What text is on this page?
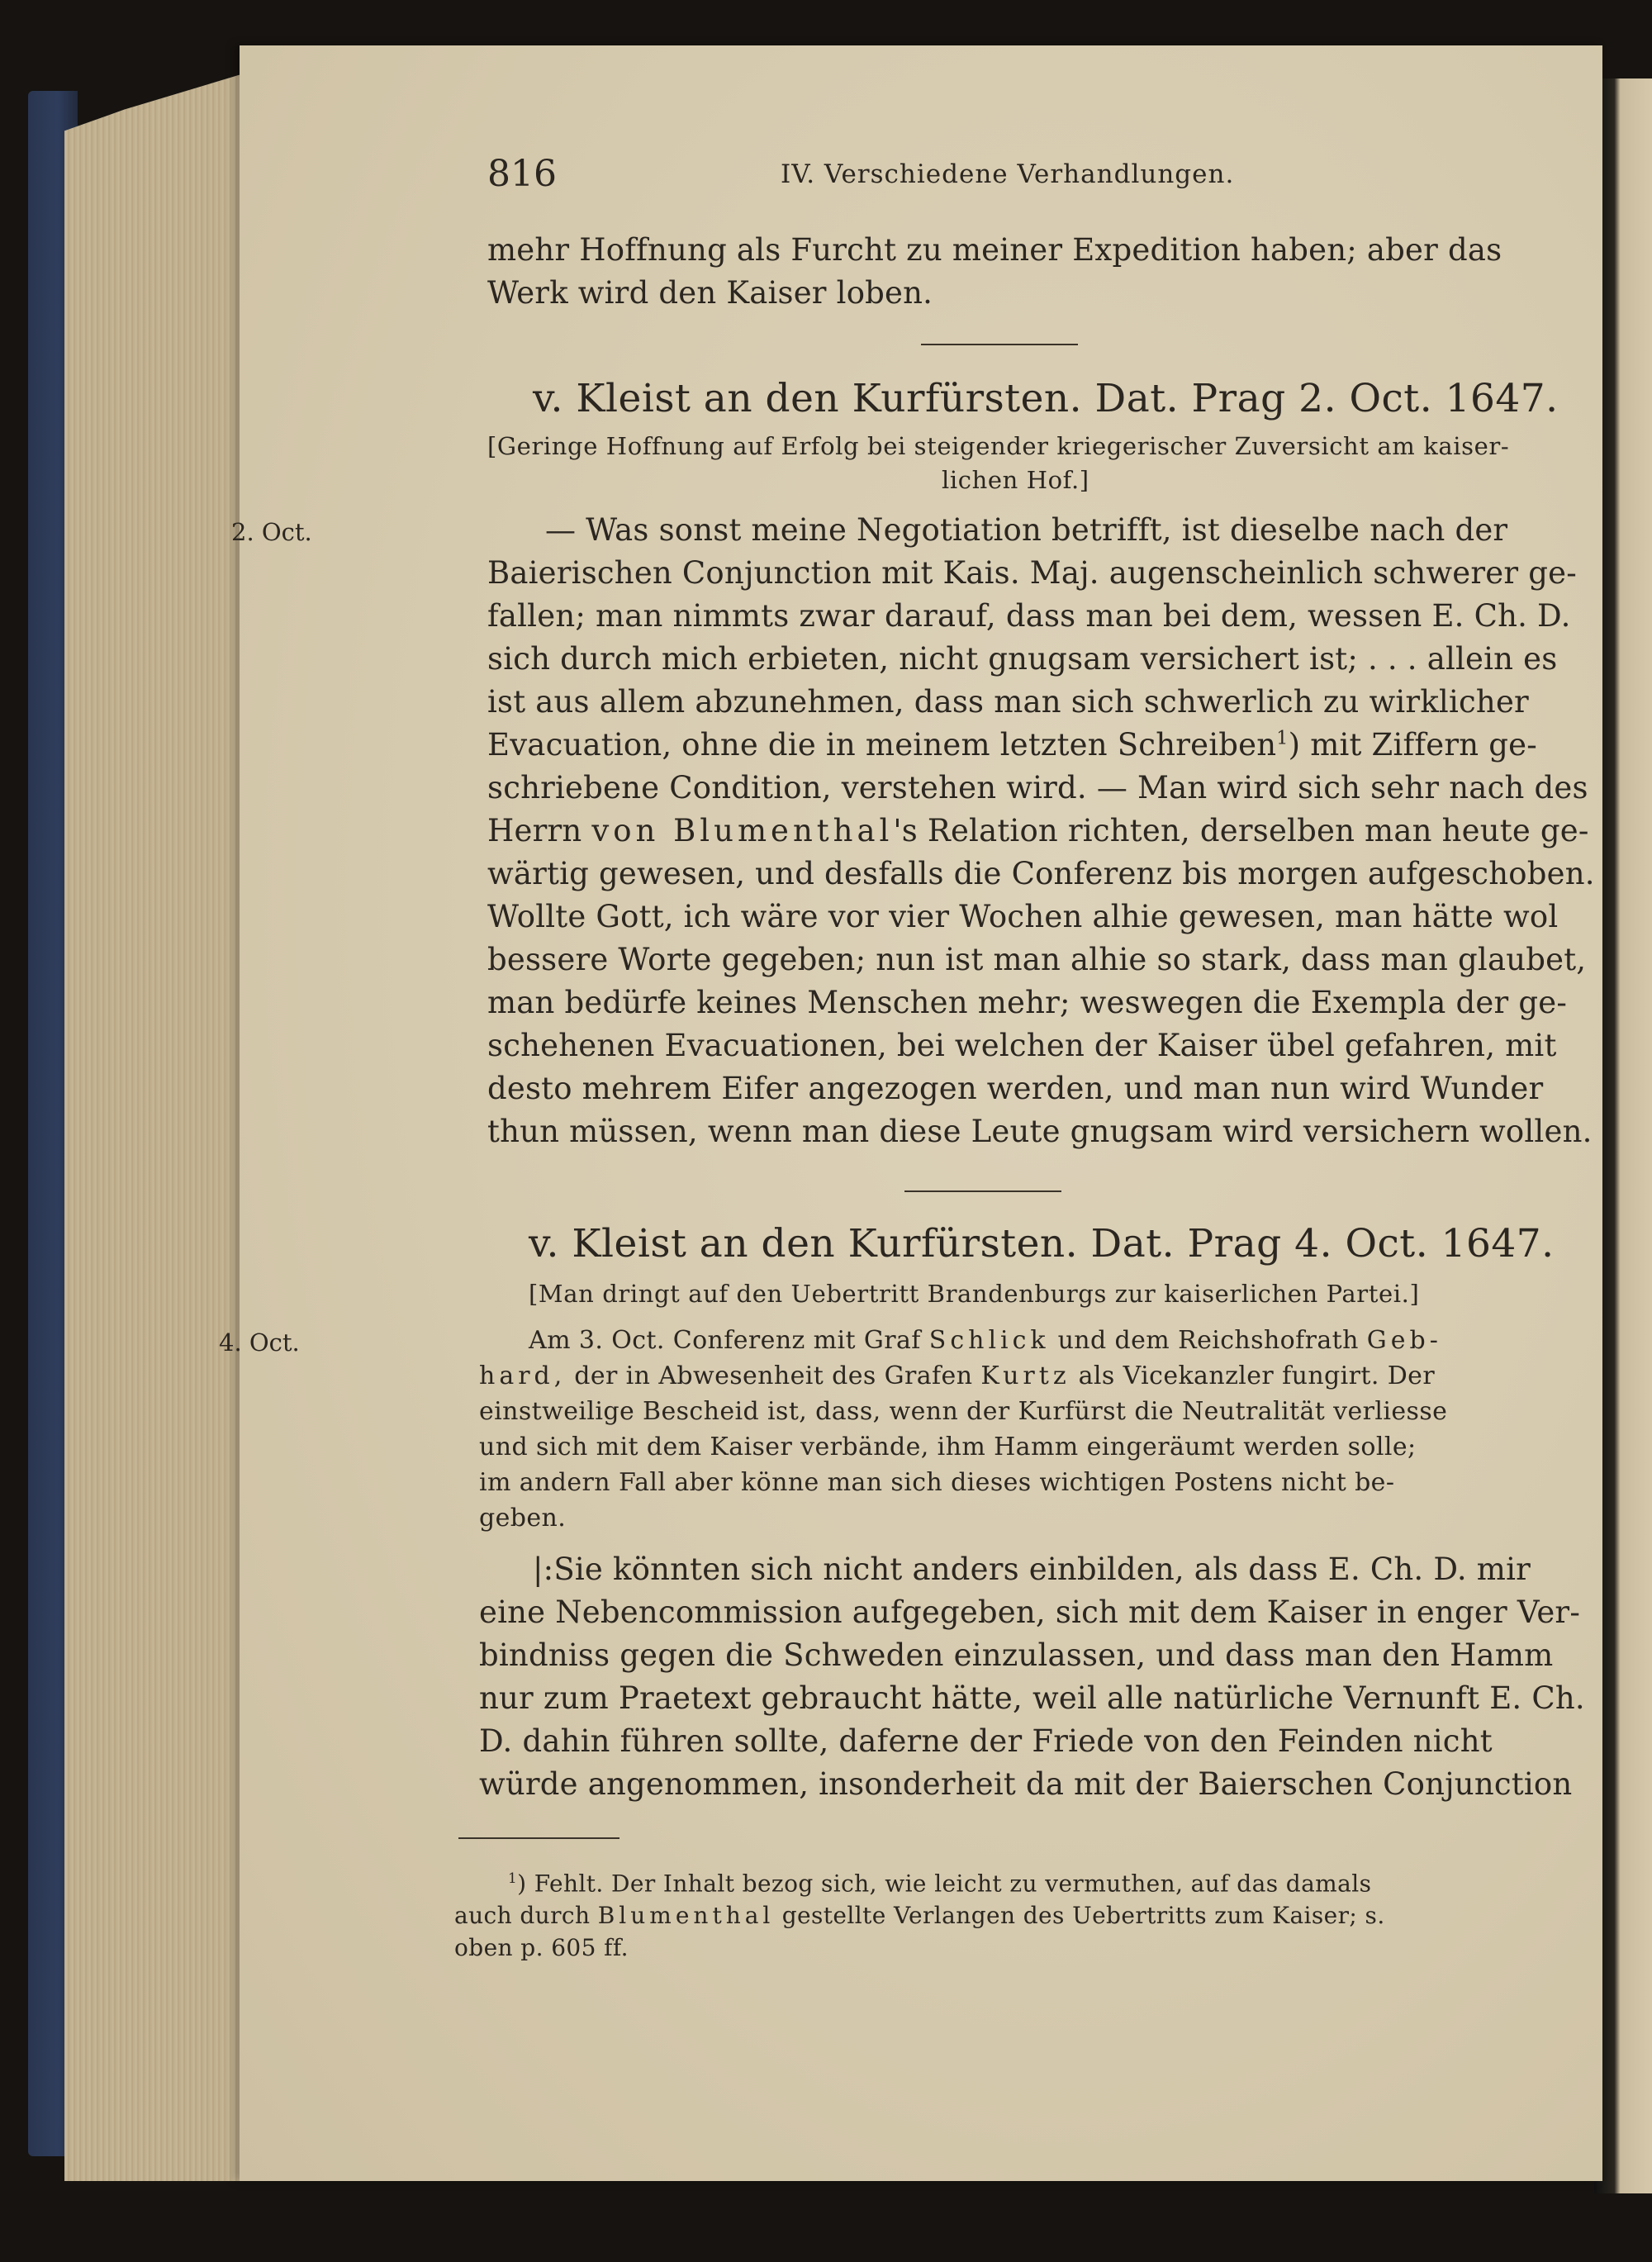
816	IV. Verschiedene Verhandlungen.
mehr Hoffnung als Furcht zu meiner Expedition haben; aber das
Werk wird den Kaiser loben.
v. Kleist an den Kurfürsten. Dat. Prag 2. Oct. 1647.
[Geringe Hoffnung auf Erfolg bei steigender kriegerischer Zuversicht am kaiser-
lichen Hof.]
2. Oct.	— Was sonst meine Negotiation betrifft, ist dieselbe nach der
Baierischen Conjunction mit Kais. Maj. augenscheinlich schwerer ge-
fallen; man nimmts zwar darauf, dass man bei dem, wessen E. Ch. D.
sich durch mich erbieten, nicht gnugsam versichert ist; . . . allein es
ist aus allem abzunehmen, dass man sich schwerlich zu wirklicher
Evacuation, ohne die in meinem letzten Schreiben$^1$) mit Ziffern ge-
schriebene Condition, verstehen wird. — Man wird sich sehr nach des
Herrn von Blumenthal's Relation richten, derselben man heute ge-
wärtig gewesen, und desfalls die Conferenz bis morgen aufgeschoben.
Wollte Gott, ich wäre vor vier Wochen alhie gewesen, man hätte wol
bessere Worte gegeben; nun ist man alhie so stark, dass man glaubet,
man bedürfe keines Menschen mehr; weswegen die Exempla der ge-
schehenen Evacuationen, bei welchen der Kaiser übel gefahren, mit
desto mehrem Eifer angezogen werden, und man nun wird Wunder
thun müssen, wenn man diese Leute gnugsam wird versichern wollen.
v. Kleist an den Kurfürsten. Dat. Prag 4. Oct. 1647.
[Man dringt auf den Uebertritt Brandenburgs zur kaiserlichen Partei.]
4. Oct.	Am 3. Oct. Conferenz mit Graf Schlick und dem Reichshofrath Geb-
hard, der in Abwesenheit des Grafen Kurtz als Vicekanzler fungirt. Der
einstweilige Bescheid ist, dass, wenn der Kurfürst die Neutralität verliesse
und sich mit dem Kaiser verbände, ihm Hamm eingeräumt werden solle;
im andern Fall aber könne man sich dieses wichtigen Postens nicht be-
geben.
|:Sie könnten sich nicht anders einbilden, als dass E. Ch. D. mir
eine Nebencommission aufgegeben, sich mit dem Kaiser in enger Ver-
bindniss gegen die Schweden einzulassen, und dass man den Hamm
nur zum Praetext gebraucht hätte, weil alle natürliche Vernunft E. Ch.
D. dahin führen sollte, daferne der Friede von den Feinden nicht
würde angenommen, insonderheit da mit der Baierschen Conjunction
$^1$) Fehlt. Der Inhalt bezog sich, wie leicht zu vermuthen, auf das damals
auch durch Blumenthal gestellte Verlangen des Uebertritts zum Kaiser; s.
oben p. 605 ff.
